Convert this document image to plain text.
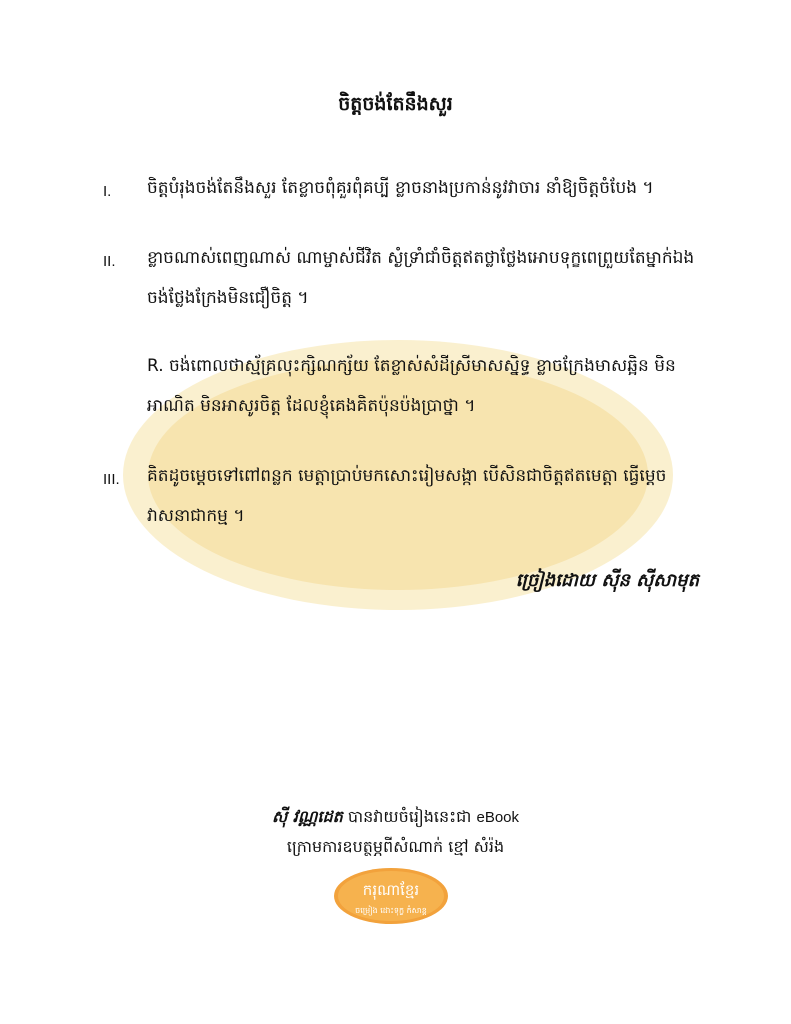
ចិត្តចង់តែនឹងសួរ
I. ចិត្តបំរុងចង់តែនឹងសួរ តែខ្លាចពុំគួរពុំគប្បី ខ្លាចនាងប្រកាន់នូវវាចារ នាំឱ្យចិត្តចំបែង ។
II. ខ្លាចណាស់ពេញណាស់ ណាម្ចាស់ជីវិត ស្ងំទ្រាំជាំចិត្តឥតថ្លាថ្លែងអោបទុក្ខពេព្រួយតែម្នាក់ឯង ចង់ថ្លែងក្រែងមិនជឿចិត្ត ។
R. ចង់ពោលថាស្ម័គ្រលុះក្សិណក្ស័យ តែខ្លាស់សំដីស្រីមាសស្និទ្ធ ខ្លាចក្រែងមាសឆ្អិន មិនអាណិត មិនអាសូរចិត្ត ដែលខ្ញុំគេងគិតប៉ុនប៉ងប្រាថ្នា ។
III. គិតដូចម្ដេចទៅពៅពន្លក មេត្តាប្រាប់មកសោះរៀមសង្កា បើសិនជាចិត្តឥតមេត្តា ធ្វើម្ដេចវាសនាជាកម្ម ។
ច្រៀងដោយ ស៊ីន ស៊ីសាមុត
ស៊ី វណ្ណដេត បានវាយចំរៀងនេះជា eBook
ក្រោមការឧបត្ថម្ភពីសំណាក់ ខ្មៅ សំរ៉ង
ករុណាខ្មែរ
ចម្រៀង ដោះទុក្ខ កំសាន្ត
